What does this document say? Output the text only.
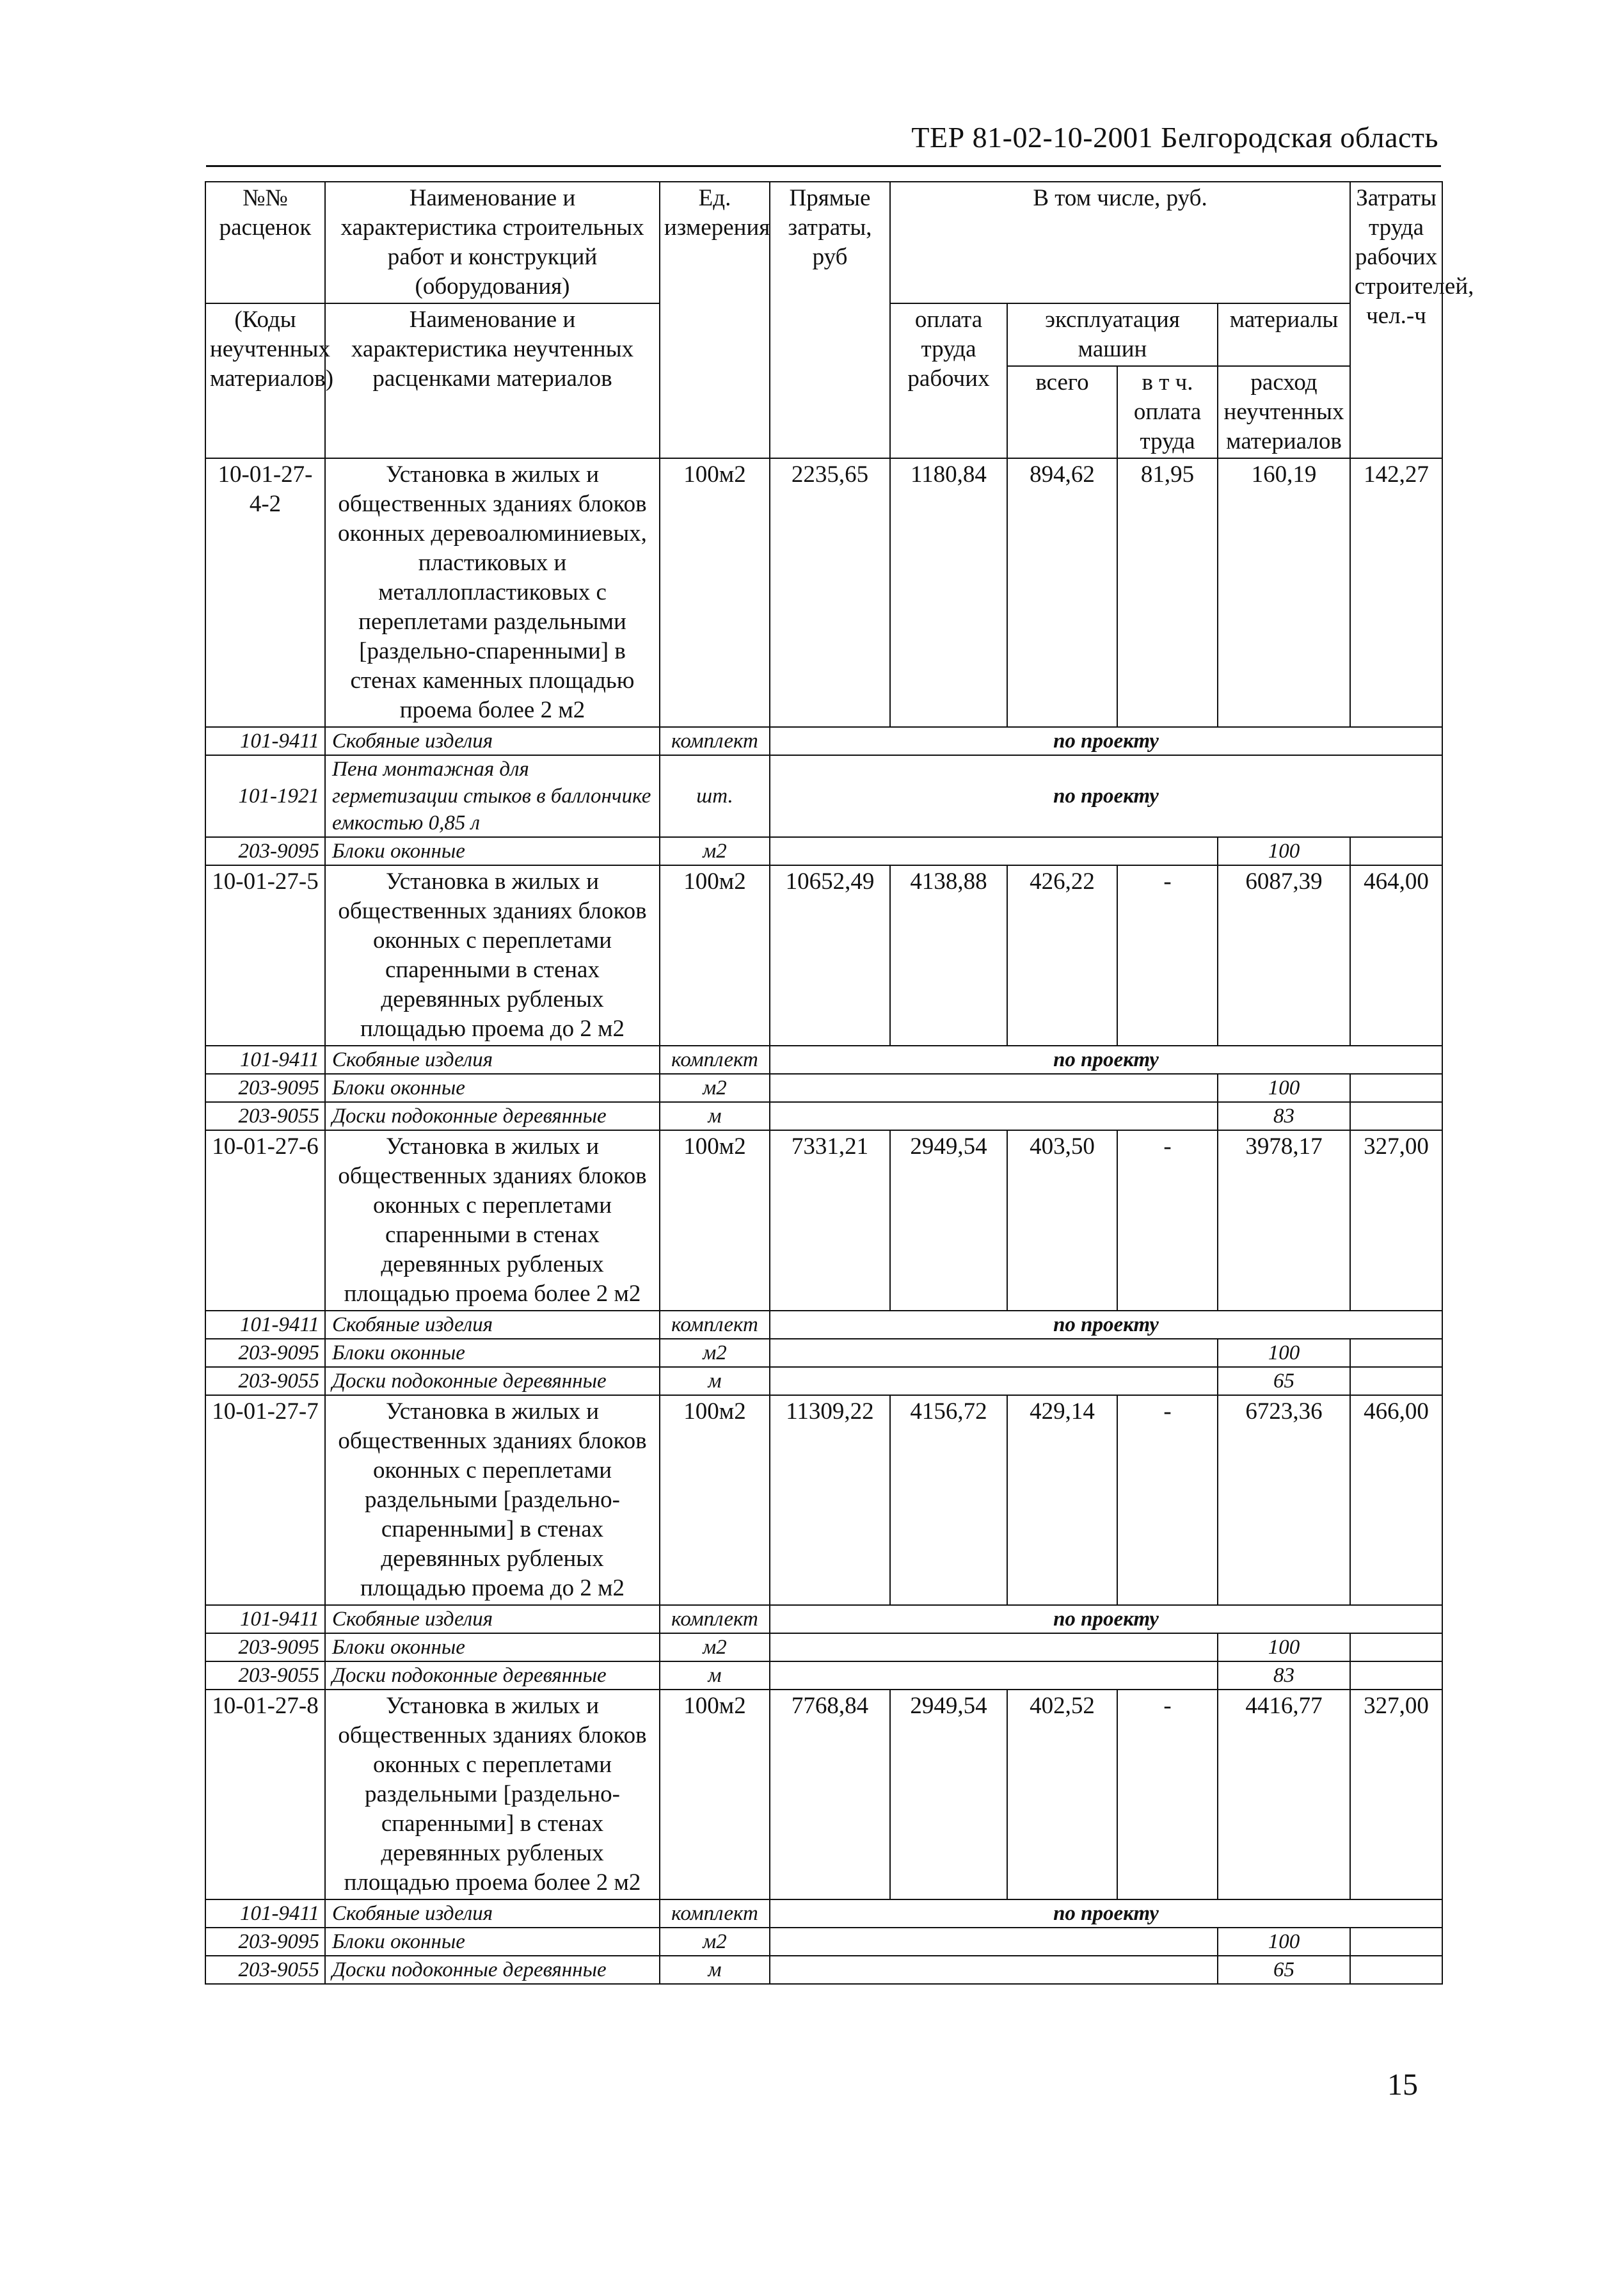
ТЕР 81-02-10-2001 Белгородская область
№№ расценок	Наименование и характеристика строительных работ и конструкций (оборудования)	Ед. измерения	Прямые затраты, руб	В том числе, руб.				Затраты труда рабочих строителей, чел.-ч
(Коды неучтенных материалов)	Наименование и характеристика неучтенных расценками материалов			оплата труда рабочих	эксплуатация машин		материалы	
					всего	в т ч. оплата труда	расход неучтенных материалов	
10-01-27-4-2	Установка в жилых и общественных зданиях блоков оконных деревоалюминиевых, пластиковых и металлопластиковых с переплетами раздельными [раздельно-спаренными] в стенах каменных площадью проема более 2 м2	100м2	2235,65	1180,84	894,62	81,95	160,19	142,27
101-9411	Скобяные изделия	комплект	по проекту					
101-1921	Пена монтажная для герметизации стыков в баллончике емкостью 0,85 л	шт.	по проекту					
203-9095	Блоки оконные	м2					100	
10-01-27-5	Установка в жилых и общественных зданиях блоков оконных с переплетами спаренными в стенах деревянных рубленых площадью проема до 2 м2	100м2	10652,49	4138,88	426,22	-	6087,39	464,00
101-9411	Скобяные изделия	комплект	по проекту					
203-9095	Блоки оконные	м2					100	
203-9055	Доски подоконные деревянные	м					83	
10-01-27-6	Установка в жилых и общественных зданиях блоков оконных с переплетами спаренными в стенах деревянных рубленых площадью проема более 2 м2	100м2	7331,21	2949,54	403,50	-	3978,17	327,00
101-9411	Скобяные изделия	комплект	по проекту					
203-9095	Блоки оконные	м2					100	
203-9055	Доски подоконные деревянные	м					65	
10-01-27-7	Установка в жилых и общественных зданиях блоков оконных с переплетами раздельными [раздельно-спаренными] в стенах деревянных рубленых площадью проема до 2 м2	100м2	11309,22	4156,72	429,14	-	6723,36	466,00
101-9411	Скобяные изделия	комплект	по проекту					
203-9095	Блоки оконные	м2					100	
203-9055	Доски подоконные деревянные	м					83	
10-01-27-8	Установка в жилых и общественных зданиях блоков оконных с переплетами раздельными [раздельно-спаренными] в стенах деревянных рубленых площадью проема более 2 м2	100м2	7768,84	2949,54	402,52	-	4416,77	327,00
101-9411	Скобяные изделия	комплект	по проекту					
203-9095	Блоки оконные	м2					100	
203-9055	Доски подоконные деревянные	м					65	
15
